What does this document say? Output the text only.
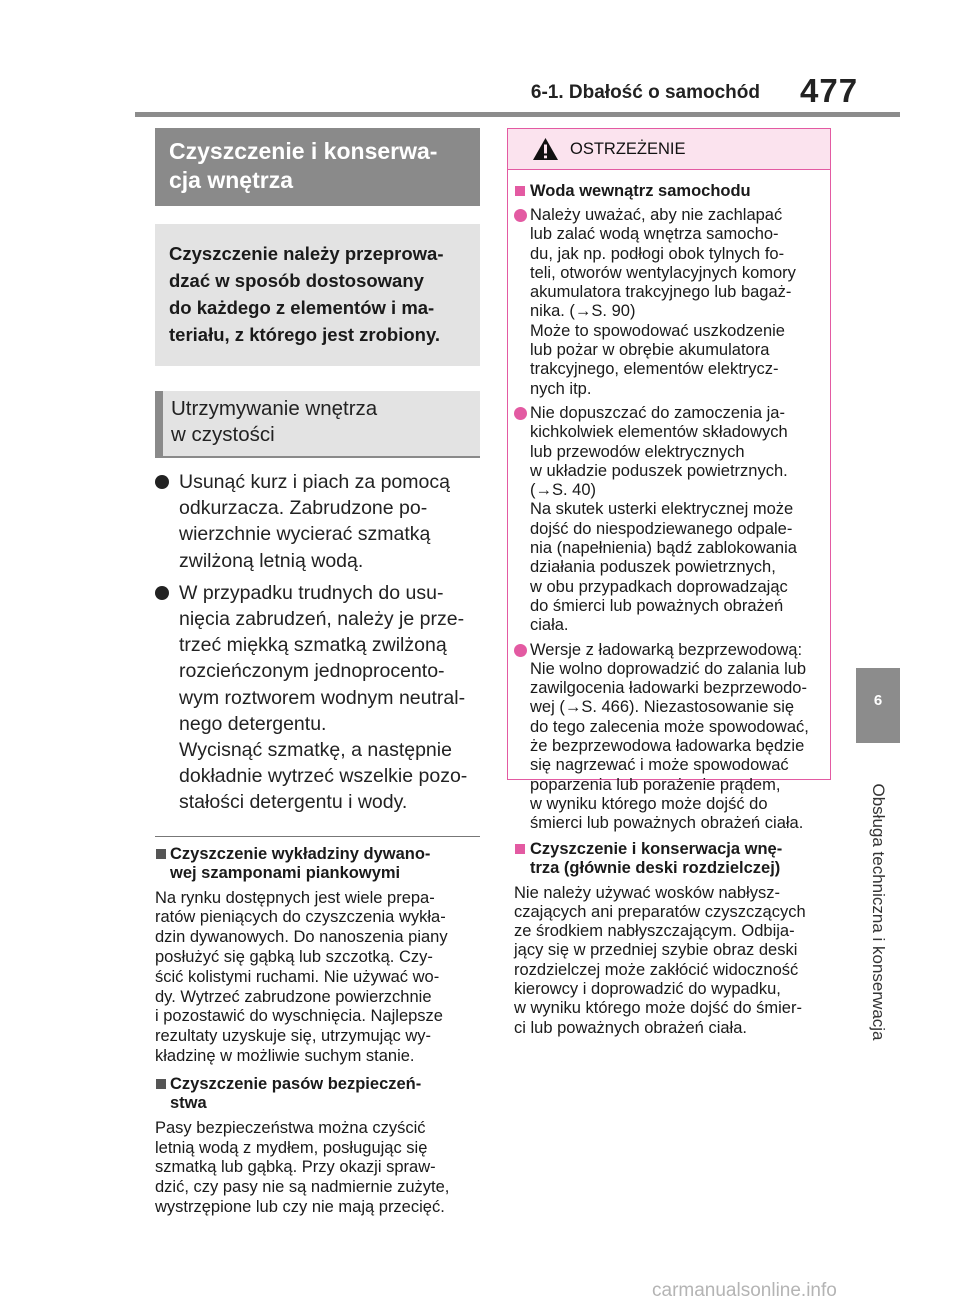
6-1. Dbałość o samochód 477
6
Obsługa techniczna i konserwacja
Czyszczenie i konserwa-
cja wnętrza
Czyszczenie należy przeprowa-
dzać w sposób dostosowany
do każdego z elementów i ma-
teriału, z którego jest zrobiony.
Utrzymywanie wnętrza
w czystości
Usunąć kurz i piach za pomocą
odkurzacza. Zabrudzone po-
wierzchnie wycierać szmatką
zwilżoną letnią wodą.
W przypadku trudnych do usu-
nięcia zabrudzeń, należy je prze-
trzeć miękką szmatką zwilżoną
rozcieńczonym jednoprocento-
wym roztworem wodnym neutral-
nego detergentu.
Wycisnąć szmatkę, a następnie
dokładnie wytrzeć wszelkie pozo-
stałości detergentu i wody.
Czyszczenie wykładziny dywano-
wej szamponami piankowymi
Na rynku dostępnych jest wiele prepa-
ratów pieniących do czyszczenia wykła-
dzin dywanowych. Do nanoszenia piany
posłużyć się gąbką lub szczotką. Czy-
ścić kolistymi ruchami. Nie używać wo-
dy. Wytrzeć zabrudzone powierzchnie
i pozostawić do wyschnięcia. Najlepsze
rezultaty uzyskuje się, utrzymując wy-
kładzinę w możliwie suchym stanie.
Czyszczenie pasów bezpieczeń-
stwa
Pasy bezpieczeństwa można czyścić
letnią wodą z mydłem, posługując się
szmatką lub gąbką. Przy okazji spraw-
dzić, czy pasy nie są nadmiernie zużyte,
wystrzępione lub czy nie mają przecięć.
OSTRZEŻENIE
Woda wewnątrz samochodu
Należy uważać, aby nie zachlapać
lub zalać wodą wnętrza samocho-
du, jak np. podłogi obok tylnych fo-
teli, otworów wentylacyjnych komory
akumulatora trakcyjnego lub bagaż-
nika. (→S. 90)
Może to spowodować uszkodzenie
lub pożar w obrębie akumulatora
trakcyjnego, elementów elektrycz-
nych itp.
Nie dopuszczać do zamoczenia ja-
kichkolwiek elementów składowych
lub przewodów elektrycznych
w układzie poduszek powietrznych.
(→S. 40)
Na skutek usterki elektrycznej może
dojść do niespodziewanego odpale-
nia (napełnienia) bądź zablokowania
działania poduszek powietrznych,
w obu przypadkach doprowadzając
do śmierci lub poważnych obrażeń
ciała.
Wersje z ładowarką bezprzewodową:
Nie wolno doprowadzić do zalania lub
zawilgocenia ładowarki bezprzewodo-
wej (→S. 466). Niezastosowanie się
do tego zalecenia może spowodować,
że bezprzewodowa ładowarka będzie
się nagrzewać i może spowodować
poparzenia lub porażenie prądem,
w wyniku którego może dojść do
śmierci lub poważnych obrażeń ciała.
Czyszczenie i konserwacja wnę-
trza (głównie deski rozdzielczej)
Nie należy używać wosków nabłysz-
czających ani preparatów czyszczących
ze środkiem nabłyszczającym. Odbija-
jący się w przedniej szybie obraz deski
rozdzielczej może zakłócić widoczność
kierowcy i doprowadzić do wypadku,
w wyniku którego może dojść do śmier-
ci lub poważnych obrażeń ciała.
carmanualsonline.info
